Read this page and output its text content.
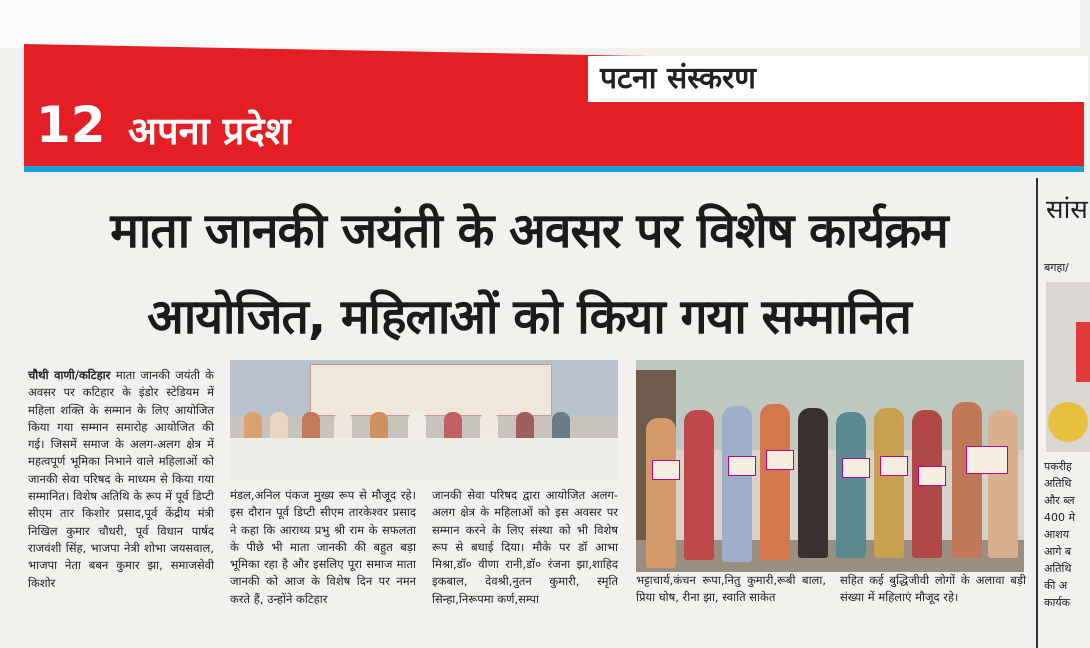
पटना संस्करण
12 अपना प्रदेश
माता जानकी जयंती के अवसर पर विशेष कार्यक्रम
आयोजित, महिलाओं को किया गया सम्मानित
चौथी वाणी/कटिहार माता जानकी जयंती के अवसर पर कटिहार के इंडोर स्टेडियम में महिला शक्ति के सम्मान के लिए आयोजित किया गया सम्मान समारोह आयोजित की गई। जिसमें समाज के अलग-अलग क्षेत्र में महत्वपूर्ण भूमिका निभाने वाले महिलाओं को जानकी सेवा परिषद के माध्यम से किया गया सम्मानित। विशेष अतिथि के रूप में पूर्व डिप्टी सीएम तार किशोर प्रसाद,पूर्व केंद्रीय मंत्री निखिल कुमार चौधरी, पूर्व विधान पार्षद राजवंशी सिंह, भाजपा नेत्री शोभा जयसवाल, भाजपा नेता बबन कुमार झा, समाजसेवी किशोर
मंडल,अनिल पंकज मुख्य रूप से मौजूद रहे। इस दौरान पूर्व डिप्टी सीएम तारकेश्वर प्रसाद ने कहा कि आराध्य प्रभु श्री राम के सफलता के पीछे भी माता जानकी की बहुत बड़ा भूमिका रहा है और इसलिए पूरा समाज माता जानकी को आज के विशेष दिन पर नमन करते हैं, उन्होंने कटिहार
जानकी सेवा परिषद द्वारा आयोजित अलग-अलग क्षेत्र के महिलाओं को इस अवसर पर सम्मान करने के लिए संस्था को भी विशेष रूप से बधाई दिया। मौके पर डॉ आभा मिश्रा,डॉ० वीणा रानी,डॉ० रंजना झा,शाहिद इकबाल, देवश्री,नुतन कुमारी, स्मृति सिन्हा,निरूपमा कर्ण,सम्पा
भट्टाचार्य,कंचन रूपा,नितु कुमारी,रूबी बाला, प्रिया घोष, रीना झा, स्वाति साकेत
सहित कई बुद्धिजीवी लोगों के अलावा बड़ी संख्या में महिलाएं मौजूद रहे।
सांस
बगहा/
पकरीह
अतिथि
और ब्ल
400 मे
आशय
आगे ब
अतिथि
की अ
कार्यक
